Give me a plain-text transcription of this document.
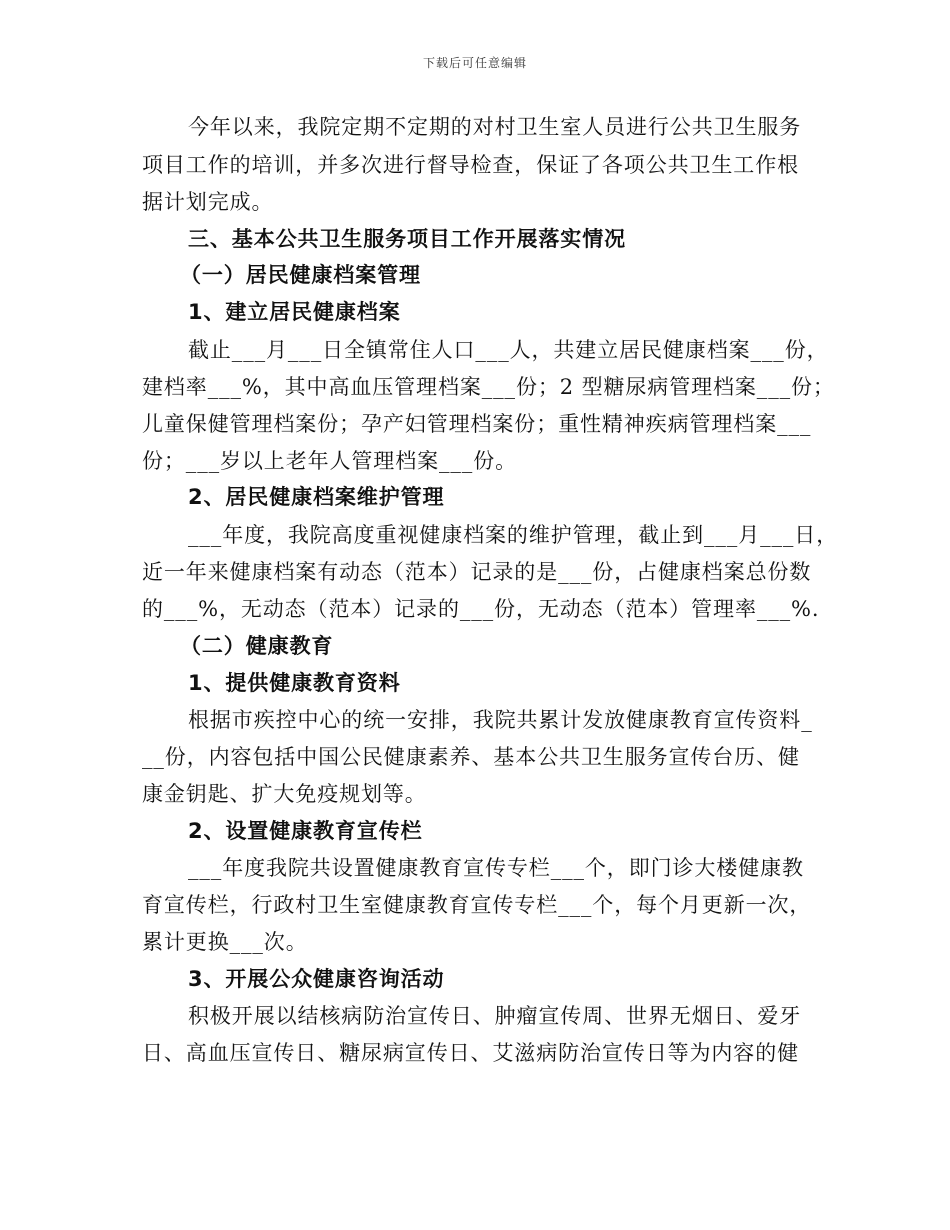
下载后可任意编辑
今年以来，我院定期不定期的对村卫生室人员进行公共卫生服务
项目工作的培训，并多次进行督导检查，保证了各项公共卫生工作根
据计划完成。
三、基本公共卫生服务项目工作开展落实情况
（一）居民健康档案管理
1、建立居民健康档案
截止___月___日全镇常住人口___人，共建立居民健康档案___份，
建档率___%，其中高血压管理档案___份；2 型糖尿病管理档案___份；
儿童保健管理档案份；孕产妇管理档案份；重性精神疾病管理档案___
份；___岁以上老年人管理档案___份。
2、居民健康档案维护管理
___年度，我院高度重视健康档案的维护管理，截止到___月___日，
近一年来健康档案有动态（范本）记录的是___份，占健康档案总份数
的___%，无动态（范本）记录的___份，无动态（范本）管理率___%.
（二）健康教育
1、提供健康教育资料
根据市疾控中心的统一安排，我院共累计发放健康教育宣传资料_
__份，内容包括中国公民健康素养、基本公共卫生服务宣传台历、健
康金钥匙、扩大免疫规划等。
2、设置健康教育宣传栏
___年度我院共设置健康教育宣传专栏___个，即门诊大楼健康教
育宣传栏，行政村卫生室健康教育宣传专栏___个，每个月更新一次，
累计更换___次。
3、开展公众健康咨询活动
积极开展以结核病防治宣传日、肿瘤宣传周、世界无烟日、爱牙
日、高血压宣传日、糖尿病宣传日、艾滋病防治宣传日等为内容的健
